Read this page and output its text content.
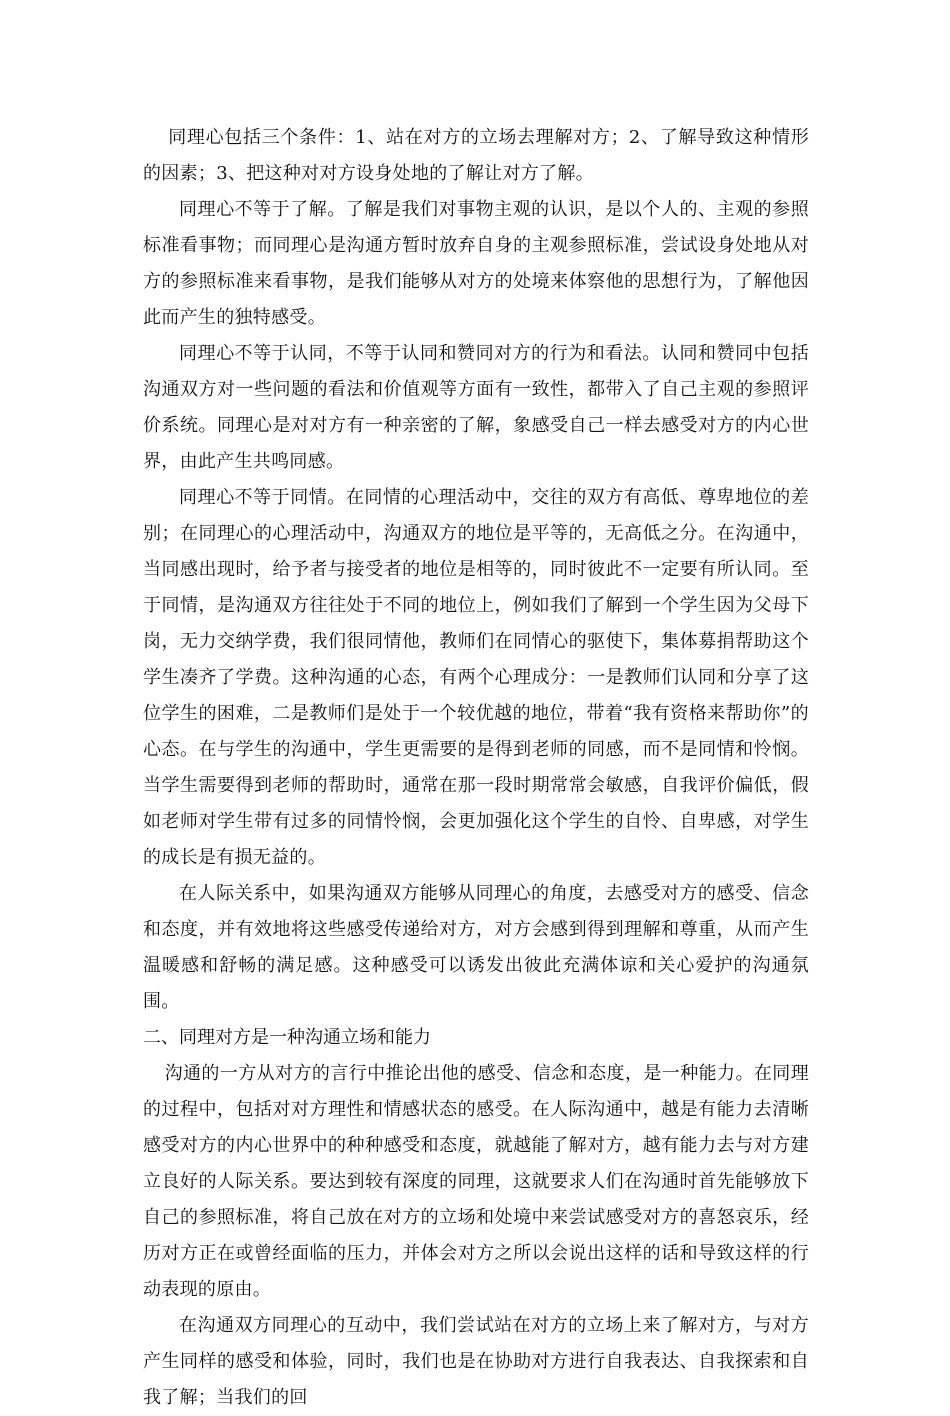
同理心包括三个条件：1、站在对方的立场去理解对方；2、了解导致这种情形的因素；3、把这种对对方设身处地的了解让对方了解。

同理心不等于了解。了解是我们对事物主观的认识，是以个人的、主观的参照标准看事物；而同理心是沟通方暂时放弃自身的主观参照标准，尝试设身处地从对方的参照标准来看事物，是我们能够从对方的处境来体察他的思想行为，了解他因此而产生的独特感受。

同理心不等于认同，不等于认同和赞同对方的行为和看法。认同和赞同中包括沟通双方对一些问题的看法和价值观等方面有一致性，都带入了自己主观的参照评价系统。同理心是对对方有一种亲密的了解，象感受自己一样去感受对方的内心世界，由此产生共鸣同感。

同理心不等于同情。在同情的心理活动中，交往的双方有高低、尊卑地位的差别；在同理心的心理活动中，沟通双方的地位是平等的，无高低之分。在沟通中，当同感出现时，给予者与接受者的地位是相等的，同时彼此不一定要有所认同。至于同情，是沟通双方往往处于不同的地位上，例如我们了解到一个学生因为父母下岗，无力交纳学费，我们很同情他，教师们在同情心的驱使下，集体募捐帮助这个学生凑齐了学费。这种沟通的心态，有两个心理成分：一是教师们认同和分享了这位学生的困难，二是教师们是处于一个较优越的地位，带着“我有资格来帮助你”的心态。在与学生的沟通中，学生更需要的是得到老师的同感，而不是同情和怜悯。当学生需要得到老师的帮助时，通常在那一段时期常常会敏感，自我评价偏低，假如老师对学生带有过多的同情怜悯，会更加强化这个学生的自怜、自卑感，对学生的成长是有损无益的。

在人际关系中，如果沟通双方能够从同理心的角度，去感受对方的感受、信念和态度，并有效地将这些感受传递给对方，对方会感到得到理解和尊重，从而产生温暖感和舒畅的满足感。这种感受可以诱发出彼此充满体谅和关心爱护的沟通氛围。

二、同理对方是一种沟通立场和能力

沟通的一方从对方的言行中推论出他的感受、信念和态度，是一种能力。在同理的过程中，包括对对方理性和情感状态的感受。在人际沟通中，越是有能力去清晰感受对方的内心世界中的种种感受和态度，就越能了解对方，越有能力去与对方建立良好的人际关系。要达到较有深度的同理，这就要求人们在沟通时首先能够放下自己的参照标准，将自己放在对方的立场和处境中来尝试感受对方的喜怒哀乐，经历对方正在或曾经面临的压力，并体会对方之所以会说出这样的话和导致这样的行动表现的原由。

在沟通双方同理心的互动中，我们尝试站在对方的立场上来了解对方，与对方产生同样的感受和体验，同时，我们也是在协助对方进行自我表达、自我探索和自我了解；当我们的回
